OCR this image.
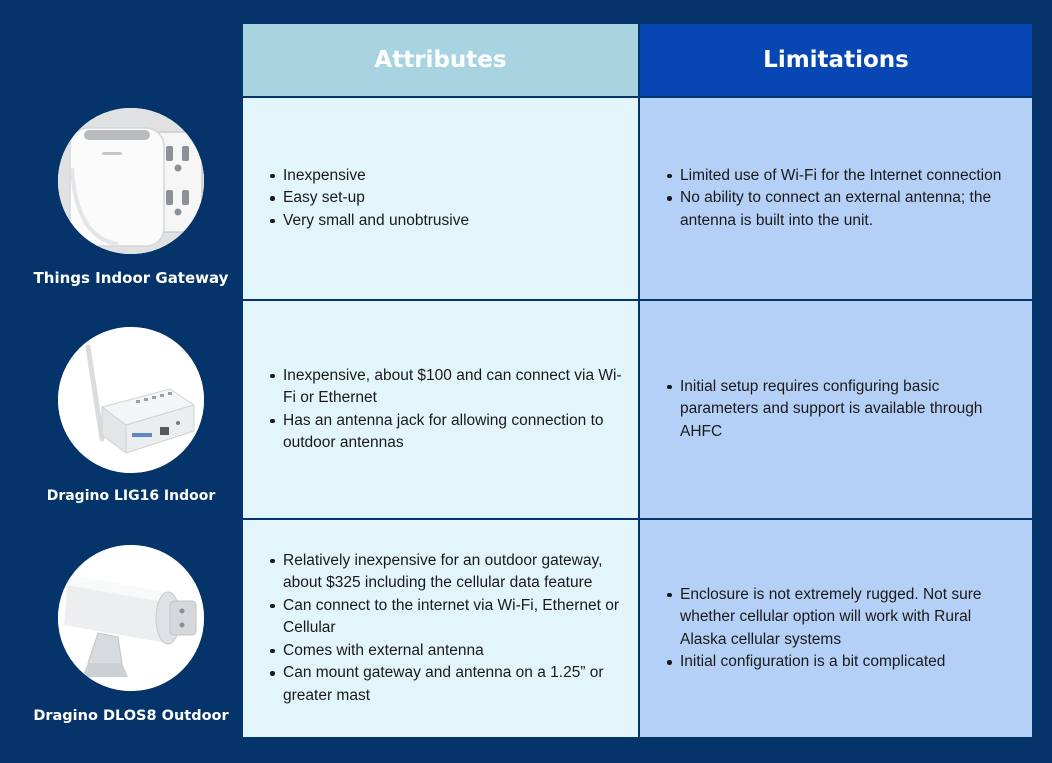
Attributes	Limitations
Things Indoor Gateway
Dragino LIG16 Indoor
Dragino DLOS8 Outdoor
Inexpensive
Easy set-up
Very small and unobtrusive
Limited use of Wi-Fi for the Internet connection
No ability to connect an external antenna; the antenna is built into the unit.
Inexpensive, about $100 and can connect via Wi-Fi or Ethernet
Has an antenna jack for allowing connection to outdoor antennas
Initial setup requires configuring basic parameters and support is available through AHFC
Relatively inexpensive for an outdoor gateway, about $325 including the cellular data feature
Can connect to the internet via Wi-Fi, Ethernet or Cellular
Comes with external antenna
Can mount gateway and antenna on a 1.25” or greater mast
Enclosure is not extremely rugged. Not sure whether cellular option will work with Rural Alaska cellular systems
Initial configuration is a bit complicated
